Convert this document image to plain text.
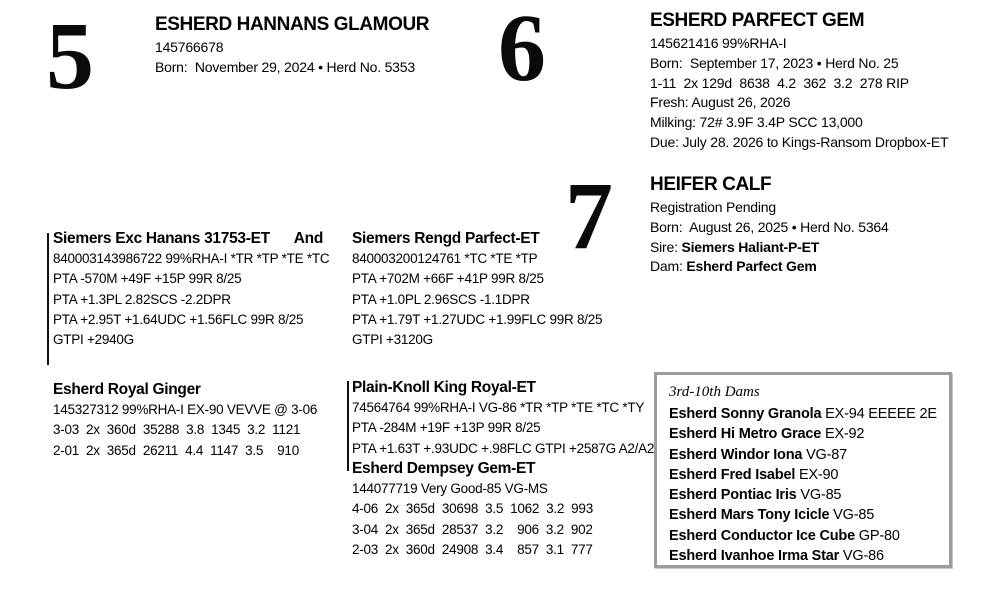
5	ESHERD HANNANS GLAMOUR
145766678
Born:  November 29, 2024 • Herd No. 5353 6	ESHERD PARFECT GEM
145621416 99%RHA-I
Born:  September 17, 2023 • Herd No. 25
1-11  2x 129d  8638  4.2  362  3.2  278 RIP
Fresh: August 26, 2026
Milking: 72# 3.9F 3.4P SCC 13,000
Due: July 28. 2026 to Kings-Ransom Dropbox-ET
7 HEIFER CALF
Registration Pending
Born:  August 26, 2025 • Herd No. 5364
Sire: Siemers Haliant-P-ET
Dam: Esherd Parfect Gem
Siemers Exc Hanans 31753-ET And
840003143986722 99%RHA-I *TR *TP *TE *TC
PTA -570M +49F +15P 99R 8/25
PTA +1.3PL 2.82SCS -2.2DPR
PTA +2.95T +1.64UDC +1.56FLC 99R 8/25
GTPI +2940G
Esherd Royal Ginger
145327312 99%RHA-I EX-90 VEVVE @ 3-06
3-03  2x  360d  35288  3.8  1345  3.2  1121
2-01  2x  365d  26211  4.4  1147  3.5    910
Siemers Rengd Parfect-ET
840003200124761 *TC *TE *TP
PTA +702M +66F +41P 99R 8/25
PTA +1.0PL 2.96SCS -1.1DPR
PTA +1.79T +1.27UDC +1.99FLC 99R 8/25
GTPI +3120G
Plain-Knoll King Royal-ET
74564764 99%RHA-I VG-86 *TR *TP *TE *TC *TY
PTA -284M +19F +13P 99R 8/25
PTA +1.63T +.93UDC +.98FLC GTPI +2587G A2/A2
Esherd Dempsey Gem-ET
144077719 Very Good-85 VG-MS
4-06  2x  365d  30698  3.5  1062  3.2  993
3-04  2x  365d  28537  3.2    906  3.2  902
2-03  2x  360d  24908  3.4    857  3.1  777
3rd-10th Dams
Esherd Sonny Granola EX-94 EEEEE 2E
Esherd Hi Metro Grace EX-92
Esherd Windor Iona VG-87
Esherd Fred Isabel EX-90
Esherd Pontiac Iris VG-85
Esherd Mars Tony Icicle VG-85
Esherd Conductor Ice Cube GP-80
Esherd Ivanhoe Irma Star VG-86
